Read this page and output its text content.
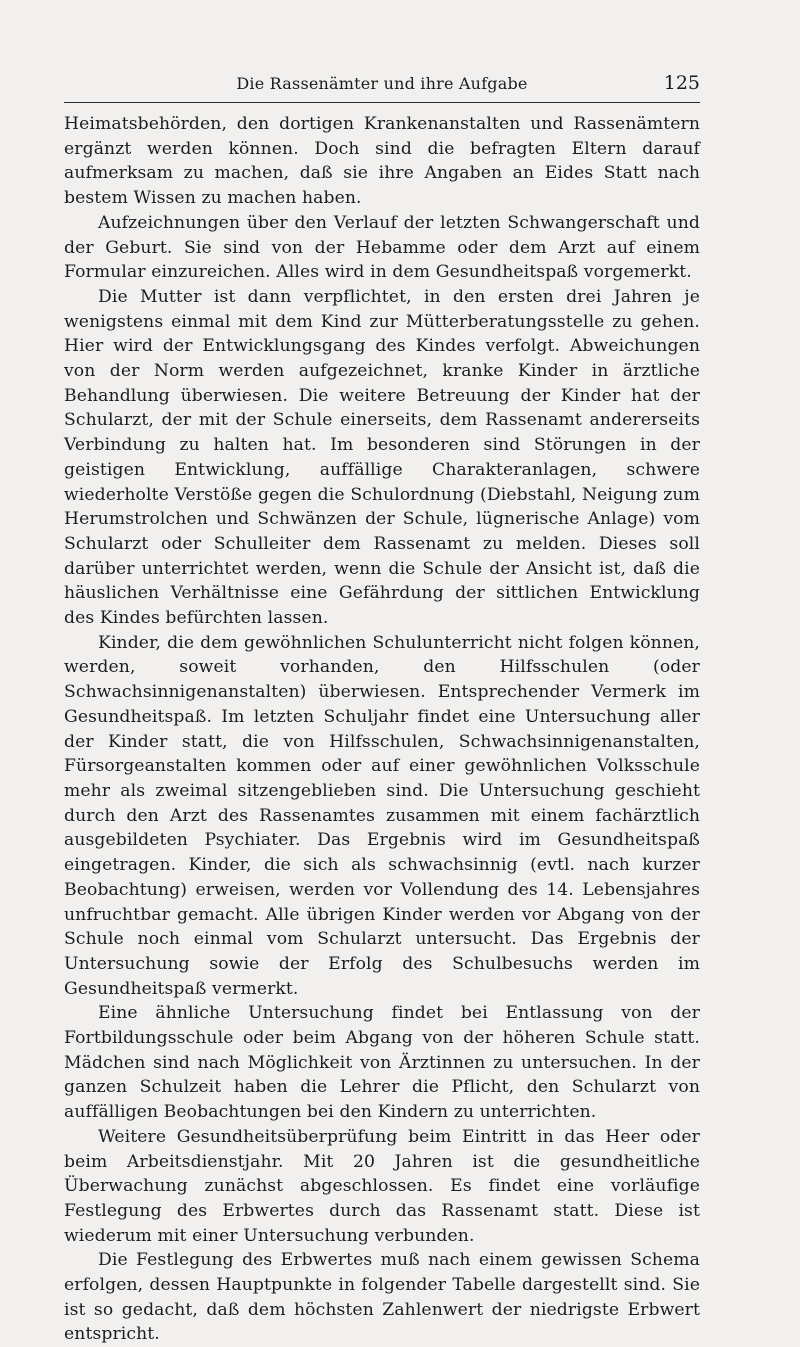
Die Rassenämter und ihre Aufgabe	125

Heimatsbehörden, den dortigen Krankenanstalten und Rassenämtern ergänzt werden können. Doch sind die befragten Eltern darauf aufmerksam zu machen, daß sie ihre Angaben an Eides Statt nach bestem Wissen zu machen haben.

Aufzeichnungen über den Verlauf der letzten Schwangerschaft und der Geburt. Sie sind von der Hebamme oder dem Arzt auf einem Formular einzureichen. Alles wird in dem Gesundheitspaß vorgemerkt.

Die Mutter ist dann verpflichtet, in den ersten drei Jahren je wenigstens einmal mit dem Kind zur Mütterberatungsstelle zu gehen. Hier wird der Entwicklungsgang des Kindes verfolgt. Abweichungen von der Norm werden aufgezeichnet, kranke Kinder in ärztliche Behandlung überwiesen. Die weitere Betreuung der Kinder hat der Schularzt, der mit der Schule einerseits, dem Rassenamt andererseits Verbindung zu halten hat. Im besonderen sind Störungen in der geistigen Entwicklung, auffällige Charakteranlagen, schwere wiederholte Verstöße gegen die Schulordnung (Diebstahl, Neigung zum Herumstrolchen und Schwänzen der Schule, lügnerische Anlage) vom Schularzt oder Schulleiter dem Rassenamt zu melden. Dieses soll darüber unterrichtet werden, wenn die Schule der Ansicht ist, daß die häuslichen Verhältnisse eine Gefährdung der sittlichen Entwicklung des Kindes befürchten lassen.

Kinder, die dem gewöhnlichen Schulunterricht nicht folgen können, werden, soweit vorhanden, den Hilfsschulen (oder Schwachsinnigenanstalten) überwiesen. Entsprechender Vermerk im Gesundheitspaß. Im letzten Schuljahr findet eine Untersuchung aller der Kinder statt, die von Hilfsschulen, Schwachsinnigenanstalten, Fürsorgeanstalten kommen oder auf einer gewöhnlichen Volksschule mehr als zweimal sitzengeblieben sind. Die Untersuchung geschieht durch den Arzt des Rassenamtes zusammen mit einem fachärztlich ausgebildeten Psychiater. Das Ergebnis wird im Gesundheitspaß eingetragen. Kinder, die sich als schwachsinnig (evtl. nach kurzer Beobachtung) erweisen, werden vor Vollendung des 14. Lebensjahres unfruchtbar gemacht. Alle übrigen Kinder werden vor Abgang von der Schule noch einmal vom Schularzt untersucht. Das Ergebnis der Untersuchung sowie der Erfolg des Schulbesuchs werden im Gesundheitspaß vermerkt.

Eine ähnliche Untersuchung findet bei Entlassung von der Fortbildungsschule oder beim Abgang von der höheren Schule statt. Mädchen sind nach Möglichkeit von Ärztinnen zu untersuchen. In der ganzen Schulzeit haben die Lehrer die Pflicht, den Schularzt von auffälligen Beobachtungen bei den Kindern zu unterrichten.

Weitere Gesundheitsüberprüfung beim Eintritt in das Heer oder beim Arbeitsdienstjahr. Mit 20 Jahren ist die gesundheitliche Überwachung zunächst abgeschlossen. Es findet eine vorläufige Festlegung des Erbwertes durch das Rassenamt statt. Diese ist wiederum mit einer Untersuchung verbunden.

Die Festlegung des Erbwertes muß nach einem gewissen Schema erfolgen, dessen Hauptpunkte in folgender Tabelle dargestellt sind. Sie ist so gedacht, daß dem höchsten Zahlenwert der niedrigste Erbwert entspricht.
